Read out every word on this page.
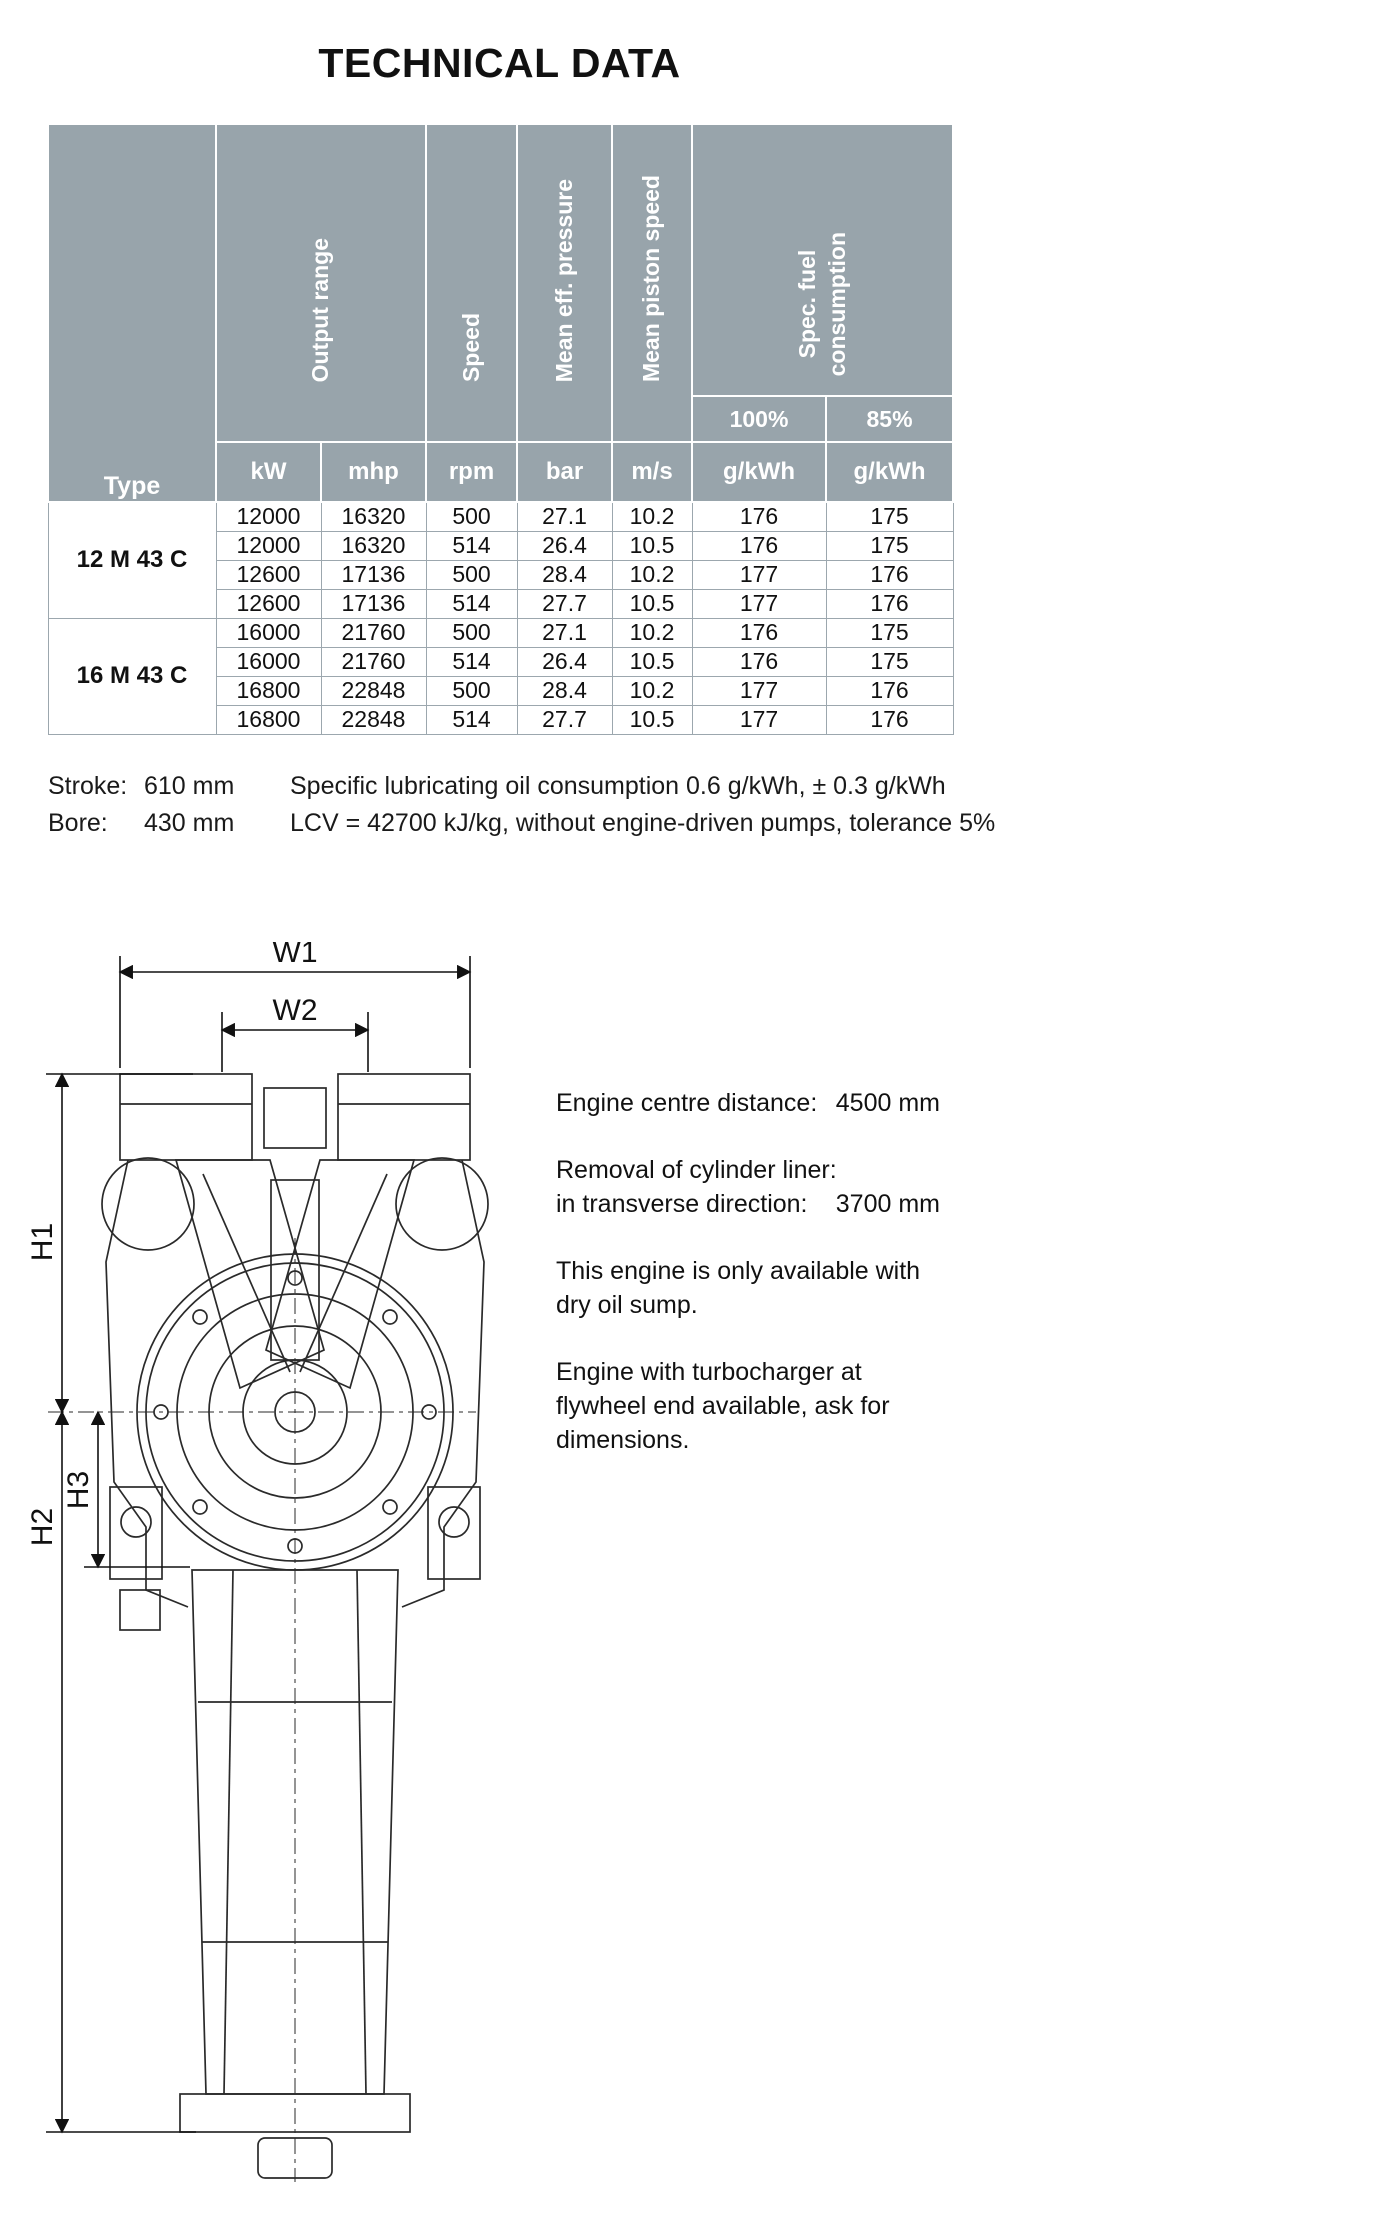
TECHNICAL DATA
Type	Output range		Speed	Mean eff. pressure	Mean piston speed	Spec. fuel consumption	

						100%	85%
	kW	mhp	rpm	bar	m/s	g/kWh	g/kWh
12 M 43 C	12000	16320	500	27.1	10.2	176	175
	12000	16320	514	26.4	10.5	176	175
	12600	17136	500	28.4	10.2	177	176
	12600	17136	514	27.7	10.5	177	176
16 M 43 C	16000	21760	500	27.1	10.2	176	175
	16000	21760	514	26.4	10.5	176	175
	16800	22848	500	28.4	10.2	177	176
	16800	22848	514	27.7	10.5	177	176
Stroke: 610 mm
Bore:	430 mm
Specific lubricating oil consumption 0.6 g/kWh, ± 0.3 g/kWh
LCV = 42700 kJ/kg, without engine-driven pumps, tolerance 5%
W1
W2
H1
H2
H3
Engine centre distance: 4500 mm
Removal of cylinder liner:
in transverse direction: 3700 mm
This engine is only available with dry oil sump.
Engine with turbocharger at flywheel end available, ask for dimensions.
